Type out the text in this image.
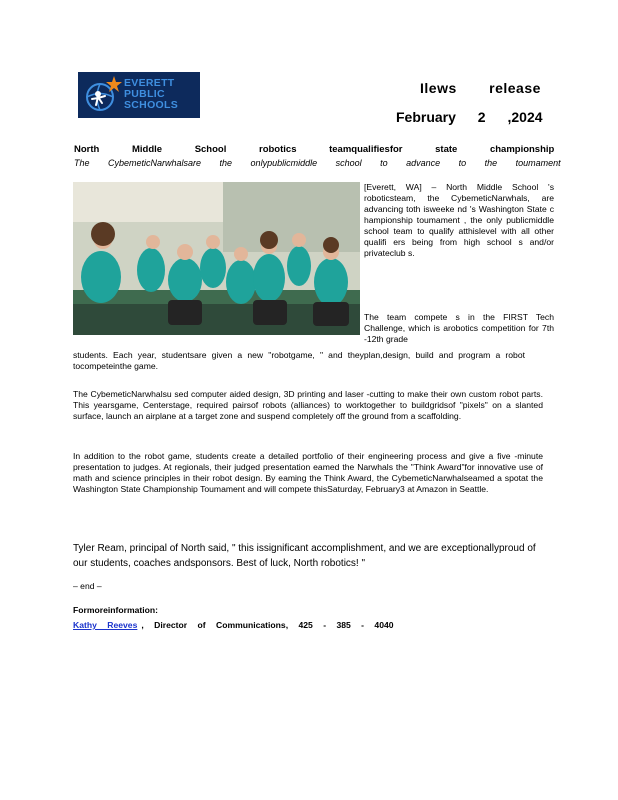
EVERETT
PUBLIC
SCHOOLS
Ilews release
February 2 ,2024
North Middle School robotics teamqualifiesfor state championship
The CybemeticNarwhalsare the onlypublicmiddle school to advance to the toumament
[Everett, WA] – North Middle School 's roboticsteam, the CybemeticNarwhals, are advancing toth isweeke nd 's Washington State c hampionship toumament , the only publicmiddle school team to qualify atthislevel with all other qualifi ers being from high school s and/or privateclub s.
The team compete s in the FIRST Tech Challenge, which is arobotics competition for 7th -12th grade
students. Each year, studentsare given a new "robotgame, " and theyplan,design, build and program a robot tocompeteinthe game.
The CybemeticNarwhalsu sed computer aided design, 3D printing and laser -cutting to make their own custom robot parts. This yearsgame, Centerstage, required pairsof robots (alliances) to worktogether to buildgridsof "pixels" on a slanted surface, launch an airplane at a target zone and suspend completely off the ground from a scaffolding.
In addition to the robot game, students create a detailed portfolio of their engineering process and give a five -minute presentation to judges. At regionals, their judged presentation eamed the Narwhals the "Think Award"for innovative use of math and science principles in their robot design. By eaming the Think Award, the CybemeticNarwhalseamed a spotat the Washington State Championship Toumament and will compete thisSaturday, February3 at Amazon in Seattle.
Tyler Ream, principal of North said, " this issignificant accomplishment, and we are exceptionallyproud of our students, coaches andsponsors. Best of luck, North robotics! "
– end –
Formoreinformation:
Kathy Reeves , Director of Communications, 425 - 385 - 4040
